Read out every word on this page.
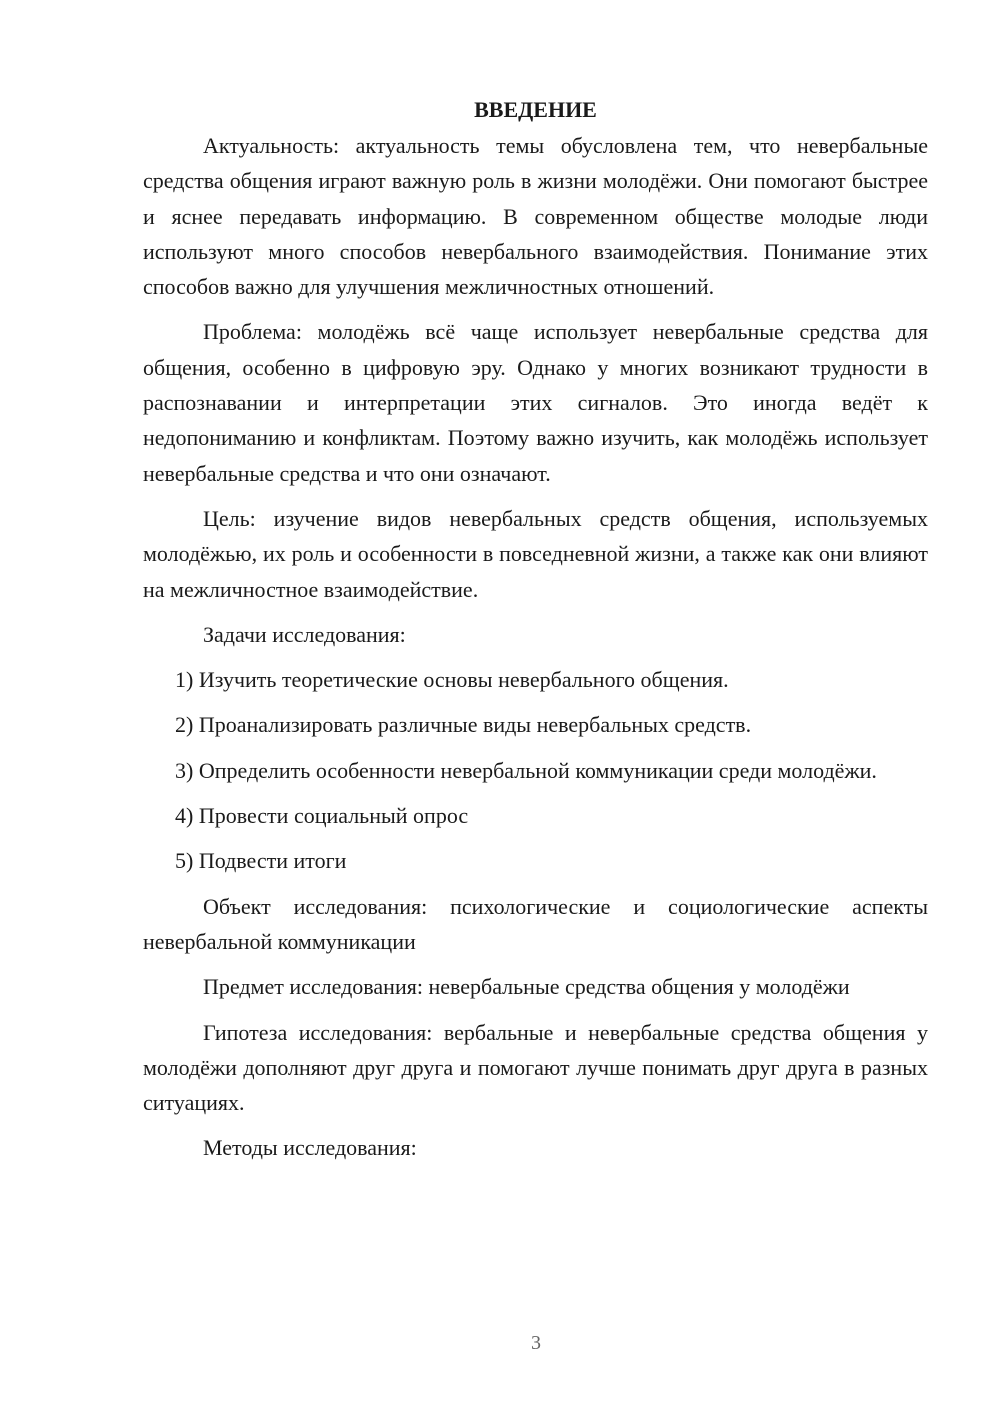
ВВЕДЕНИЕ

Актуальность: актуальность темы обусловлена тем, что невербальные средства общения играют важную роль в жизни молодёжи. Они помогают быстрее и яснее передавать информацию. В современном обществе молодые люди используют много способов невербального взаимодействия. Понимание этих способов важно для улучшения межличностных отношений.

Проблема: молодёжь всё чаще использует невербальные средства для общения, особенно в цифровую эру. Однако у многих возникают трудности в распознавании и интерпретации этих сигналов. Это иногда ведёт к недопониманию и конфликтам. Поэтому важно изучить, как молодёжь использует невербальные средства и что они означают.

Цель: изучение видов невербальных средств общения, используемых молодёжью, их роль и особенности в повседневной жизни, а также как они влияют на межличностное взаимодействие.

Задачи исследования:

1) Изучить теоретические основы невербального общения.

2) Проанализировать различные виды невербальных средств.

3) Определить особенности невербальной коммуникации среди молодёжи.

4) Провести социальный опрос

5) Подвести итоги

Объект исследования: психологические и социологические аспекты невербальной коммуникации

Предмет исследования: невербальные средства общения у молодёжи

Гипотеза исследования: вербальные и невербальные средства общения у молодёжи дополняют друг друга и помогают лучше понимать друг друга в разных ситуациях.

Методы исследования:

3
